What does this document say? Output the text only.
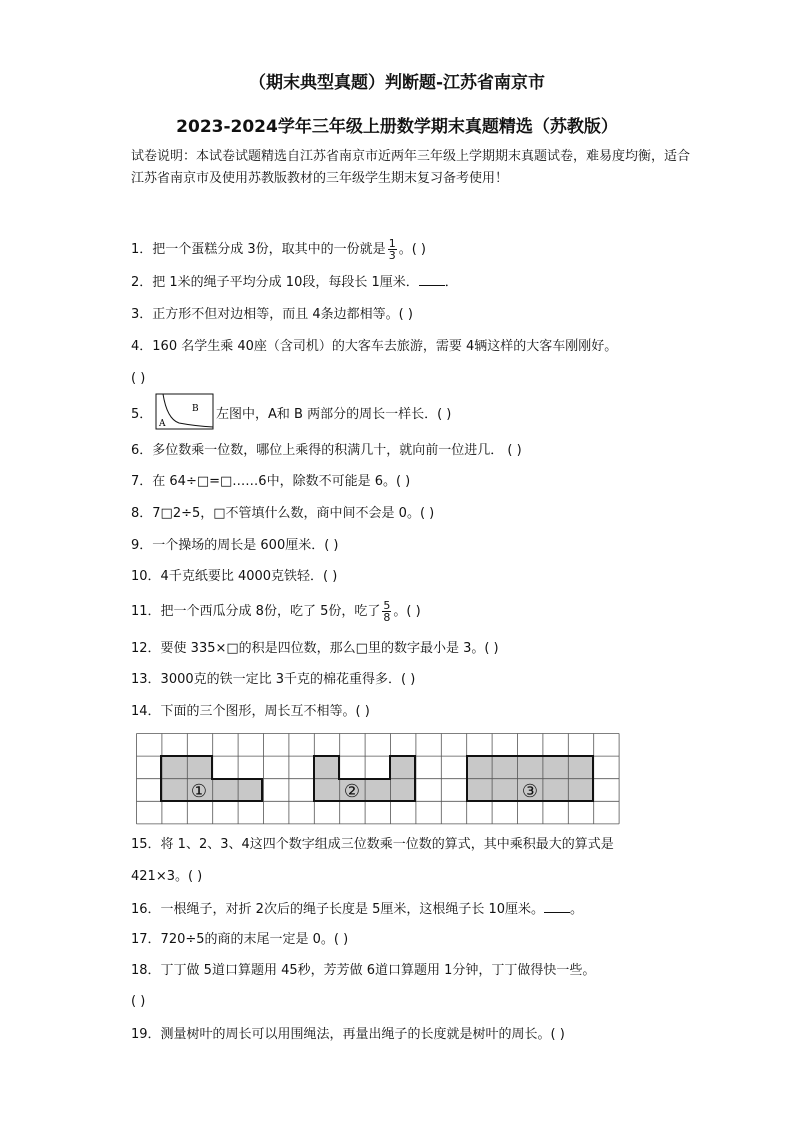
（期末典型真题）判断题-江苏省南京市
2023-2024学年三年级上册数学期末真题精选（苏教版）
试卷说明：本试卷试题精选自江苏省南京市近两年三年级上学期期末真题试卷，难易度均衡，适合江苏省南京市及使用苏教版教材的三年级学生期末复习备考使用！
1．把一个蛋糕分成 3份，取其中的一份就是 $\frac{1}{3}$ 。( )
2．把 1米的绳子平均分成 10段，每段长 1厘米． ．
3．正方形不但对边相等，而且 4条边都相等。( )
4．160 名学生乘 40座（含司机）的大客车去旅游，需要 4辆这样的大客车刚刚好。
( )
5．
A
B 左图中，A和 B 两部分的周长一样长．( )
6．多位数乘一位数，哪位上乘得的积满几十，就向前一位进几． ( )
7．在 64÷□=□……6中，除数不可能是 6。( )
8．7□2÷5，□不管填什么数，商中间不会是 0。( )
9．一个操场的周长是 600厘米．( )
10．4千克纸要比 4000克铁轻．( )
11．把一个西瓜分成 8份，吃了 5份，吃了 $\frac{5}{8}$ 。( )
12．要使 335×□的积是四位数，那么□里的数字最小是 3。( )
13．3000克的铁一定比 3千克的棉花重得多．( )
14．下面的三个图形，周长互不相等。( )
①	②	③
15．将 1、2、3、4这四个数字组成三位数乘一位数的算式，其中乘积最大的算式是
421×3。( )
16．一根绳子，对折 2次后的绳子长度是 5厘米，这根绳子长 10厘米。 。
17．720÷5的商的末尾一定是 0。( )
18．丁丁做 5道口算题用 45秒，芳芳做 6道口算题用 1分钟，丁丁做得快一些。
( )
19．测量树叶的周长可以用围绳法，再量出绳子的长度就是树叶的周长。( )
